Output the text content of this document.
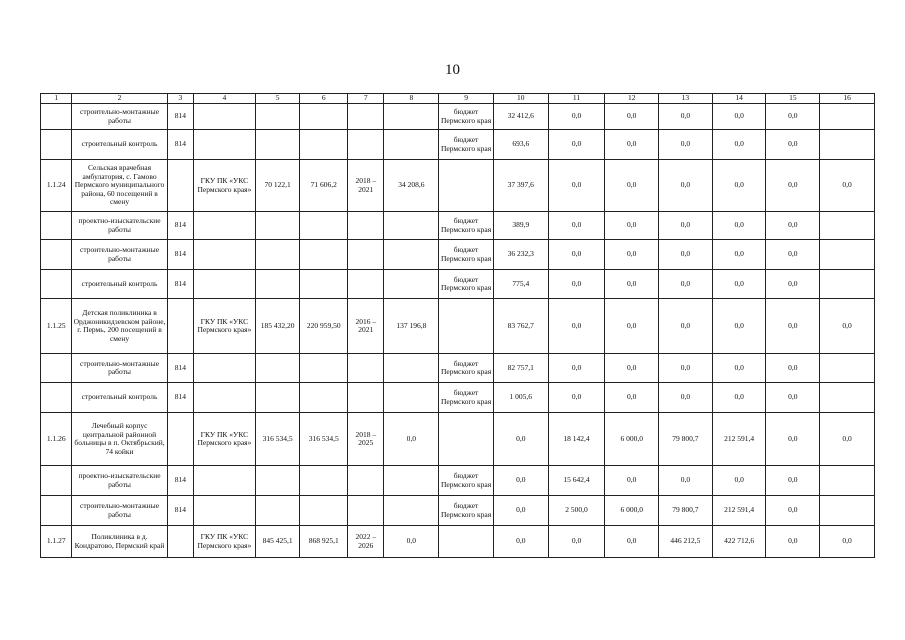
10
1	2	3	4	5	6	7	8	9	10	11	12	13	14	15	16
	строительно-монтажные работы	814						бюджет Пермского края	32 412,6	0,0	0,0	0,0	0,0	0,0	
	строительный контроль	814						бюджет Пермского края	693,6	0,0	0,0	0,0	0,0	0,0	
1.1.24	Сельская врачебная амбулатория, с. Гамово Пермского муниципального района, 60 посещений в смену		ГКУ ПК «УКС Пермского края»	70 122,1	71 606,2	2018 – 2021	34 208,6		37 397,6	0,0	0,0	0,0	0,0	0,0	0,0
	проектно-изыскательские работы	814						бюджет Пермского края	389,9	0,0	0,0	0,0	0,0	0,0	
	строительно-монтажные работы	814						бюджет Пермского края	36 232,3	0,0	0,0	0,0	0,0	0,0	
	строительный контроль	814						бюджет Пермского края	775,4	0,0	0,0	0,0	0,0	0,0	
1.1.25	Детская поликлиника в Орджоникидзевском районе, г. Пермь, 200 посещений в смену		ГКУ ПК «УКС Пермского края»	185 432,20	220 959,50	2016 – 2021	137 196,8		83 762,7	0,0	0,0	0,0	0,0	0,0	0,0
	строительно-монтажные работы	814						бюджет Пермского края	82 757,1	0,0	0,0	0,0	0,0	0,0	
	строительный контроль	814						бюджет Пермского края	1 005,6	0,0	0,0	0,0	0,0	0,0	
1.1.26	Лечебный корпус центральной районной больницы в п. Октябрьский, 74 койки		ГКУ ПК «УКС Пермского края»	316 534,5	316 534,5	2018 – 2025	0,0		0,0	18 142,4	6 000,0	79 800,7	212 591,4	0,0	0,0
	проектно-изыскательские работы	814						бюджет Пермского края	0,0	15 642,4	0,0	0,0	0,0	0,0	
	строительно-монтажные работы	814						бюджет Пермского края	0,0	2 500,0	6 000,0	79 800,7	212 591,4	0,0	
1.1.27	Поликлиника в д. Кондратово, Пермский край		ГКУ ПК «УКС Пермского края»	845 425,1	868 925,1	2022 – 2026	0,0		0,0	0,0	0,0	446 212,5	422 712,6	0,0	0,0
